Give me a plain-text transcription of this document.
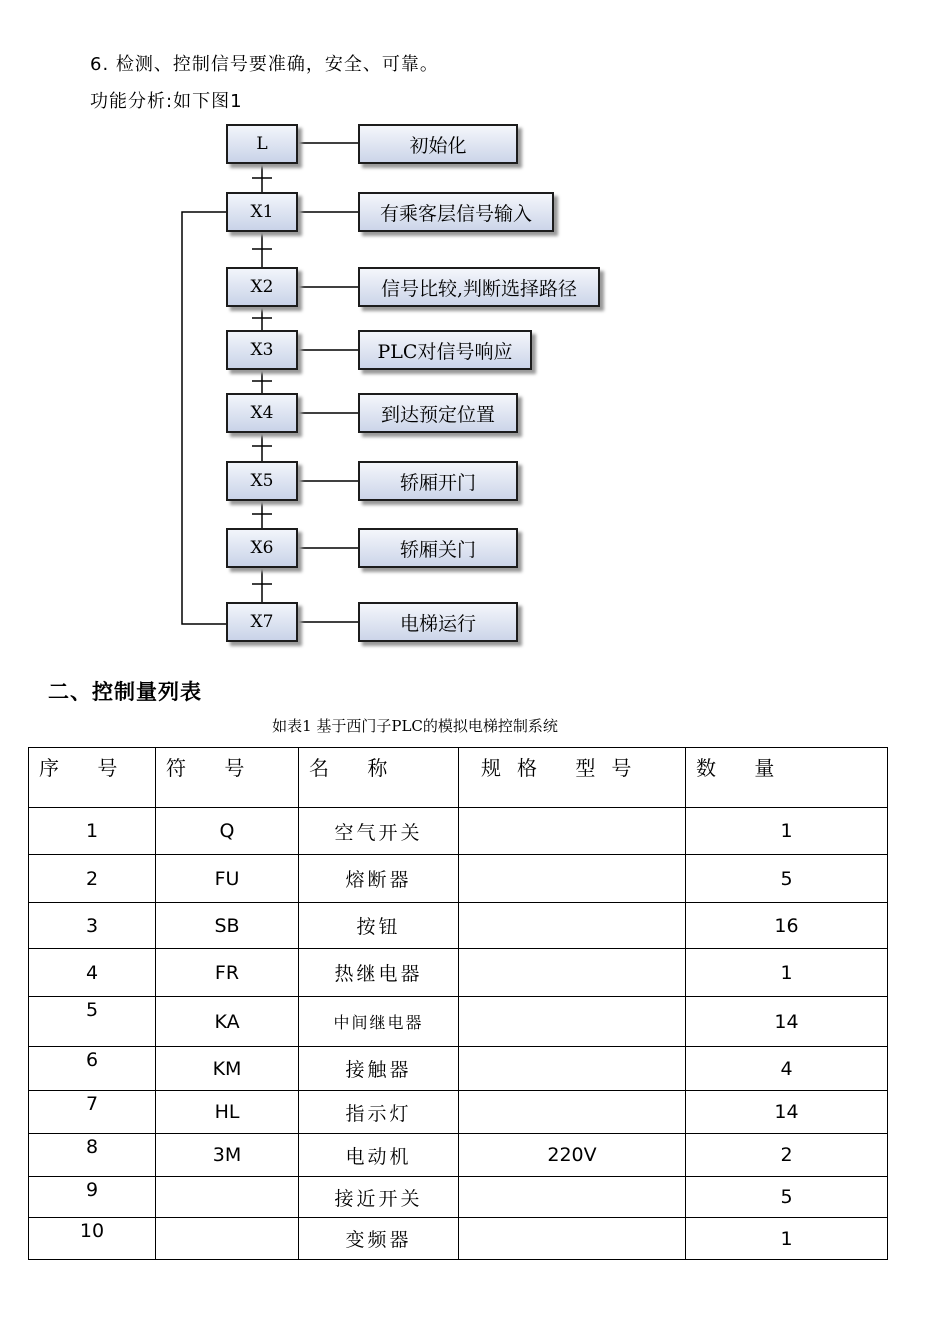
6. 检测、控制信号要准确，安全、可靠。
功能分析:如下图1
L
X1
X2
X3
X4
X5
X6
X7
初始化
有乘客层信号输入
信号比较,判断选择路径
PLC对信号响应
到达预定位置
轿厢开门
轿厢关门
电梯运行
二、控制量列表
如表1 基于西门子PLC的模拟电梯控制系统
序 号	符 号	名 称	规格 型号	数 量
1	Q	空气开关		1
2	FU	熔断器		5
3	SB	按钮		16
4	FR	热继电器		1
5	KA	中间继电器		14
6	KM	接触器		4
7	HL	指示灯		14
8	3M	电动机	220V	2
9		接近开关		5
10		变频器		1
